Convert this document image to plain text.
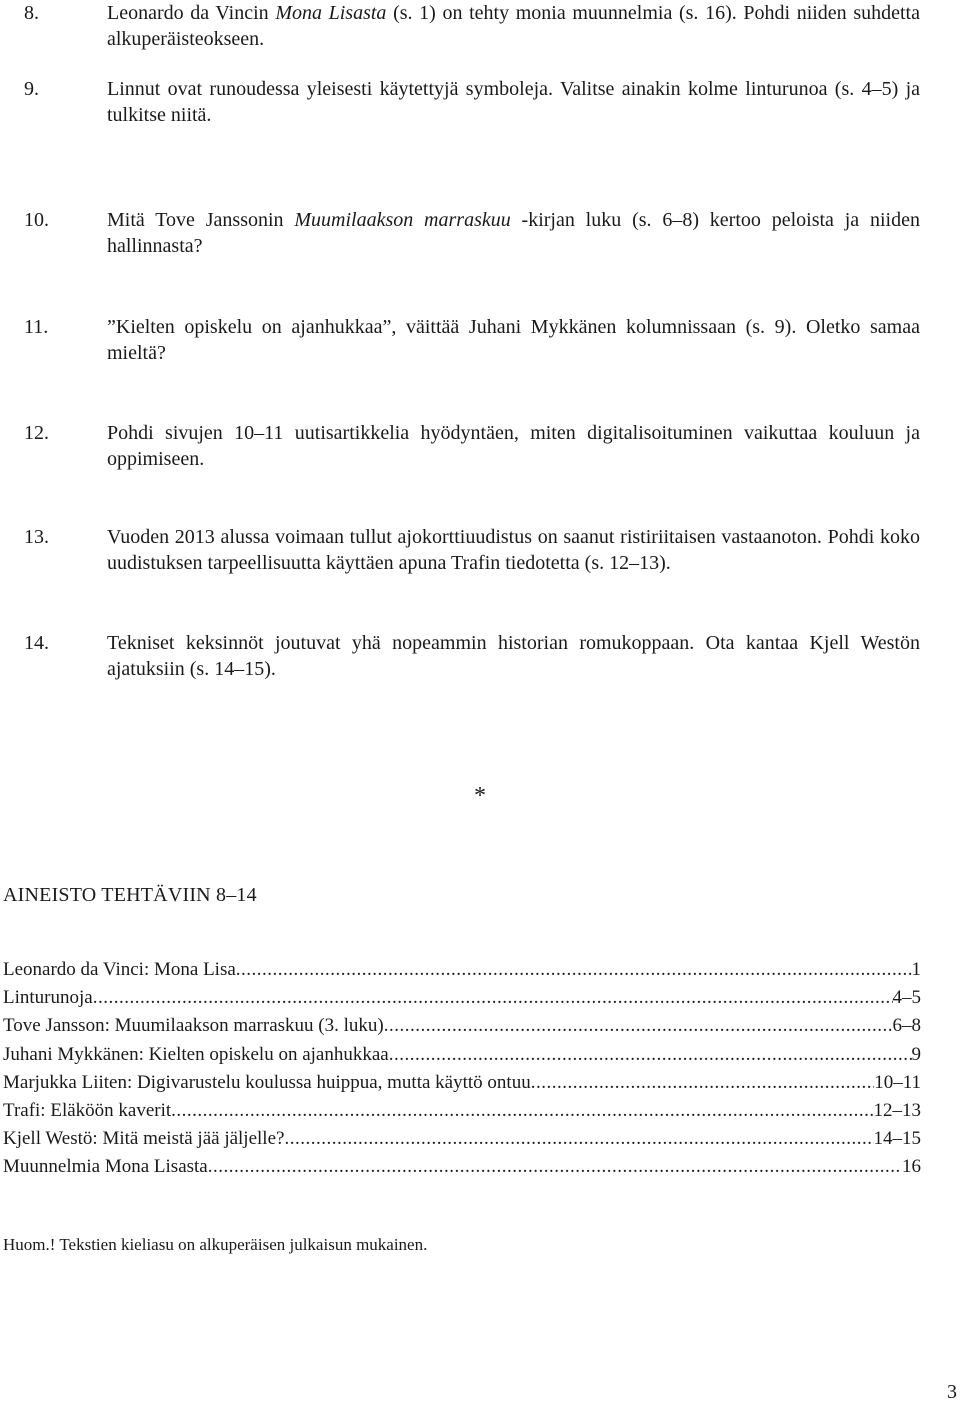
8.	Leonardo da Vincin Mona Lisasta (s. 1) on tehty monia muunnelmia (s. 16). Pohdi niiden suhdetta alkuperäisteokseen.
9.	Linnut ovat runoudessa yleisesti käytettyjä symboleja. Valitse ainakin kolme linturunoa (s. 4–5) ja tulkitse niitä.
10.	Mitä Tove Janssonin Muumilaakson marraskuu -kirjan luku (s. 6–8) kertoo peloista ja niiden hallinnasta?
11.	”Kielten opiskelu on ajanhukkaa”, väittää Juhani Mykkänen kolumnissaan (s. 9). Oletko samaa mieltä?
12.	Pohdi sivujen 10–11 uutisartikkelia hyödyntäen, miten digitalisoituminen vaikuttaa kouluun ja oppimiseen.
13.	Vuoden 2013 alussa voimaan tullut ajokorttiuudistus on saanut ristiriitaisen vastaanoton. Pohdi koko uudistuksen tarpeellisuutta käyttäen apuna Trafin tiedotetta (s. 12–13).
14.	Tekniset keksinnöt joutuvat yhä nopeammin historian romukoppaan. Ota kantaa Kjell Westön ajatuksiin (s. 14–15).
*
AINEISTO TEHTÄVIIN 8–14
Leonardo da Vinci: Mona Lisa .....	1
Linturunoja .....	4–5
Tove Jansson: Muumilaakson marraskuu (3. luku) .....	6–8
Juhani Mykkänen: Kielten opiskelu on ajanhukkaa .....	9
Marjukka Liiten: Digivarustelu koulussa huippua, mutta käyttö ontuu .....	10–11
Trafi: Eläköön kaverit .....	12–13
Kjell Westö: Mitä meistä jää jäljelle? .....	14–15
Muunnelmia Mona Lisasta .....	16
Huom.! Tekstien kieliasu on alkuperäisen julkaisun mukainen.
3
